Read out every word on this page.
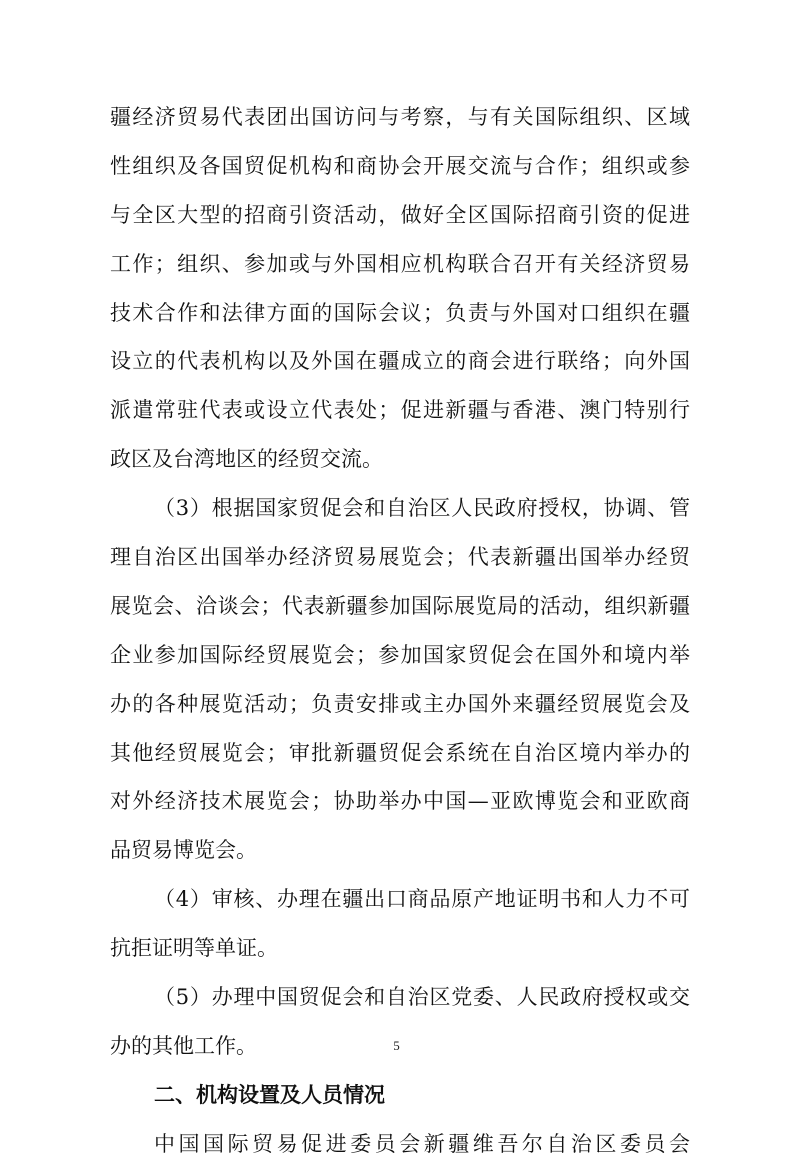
疆经济贸易代表团出国访问与考察，与有关国际组织、区域
性组织及各国贸促机构和商协会开展交流与合作；组织或参
与全区大型的招商引资活动，做好全区国际招商引资的促进
工作；组织、参加或与外国相应机构联合召开有关经济贸易
技术合作和法律方面的国际会议；负责与外国对口组织在疆
设立的代表机构以及外国在疆成立的商会进行联络；向外国
派遣常驻代表或设立代表处；促进新疆与香港、澳门特别行
政区及台湾地区的经贸交流。
（3）根据国家贸促会和自治区人民政府授权，协调、管
理自治区出国举办经济贸易展览会；代表新疆出国举办经贸
展览会、洽谈会；代表新疆参加国际展览局的活动，组织新疆
企业参加国际经贸展览会；参加国家贸促会在国外和境内举
办的各种展览活动；负责安排或主办国外来疆经贸展览会及
其他经贸展览会；审批新疆贸促会系统在自治区境内举办的
对外经济技术展览会；协助举办中国—亚欧博览会和亚欧商
品贸易博览会。
（4）审核、办理在疆出口商品原产地证明书和人力不可
抗拒证明等单证。
（5）办理中国贸促会和自治区党委、人民政府授权或交
办的其他工作。
二、机构设置及人员情况
中国国际贸易促进委员会新疆维吾尔自治区委员会
5
